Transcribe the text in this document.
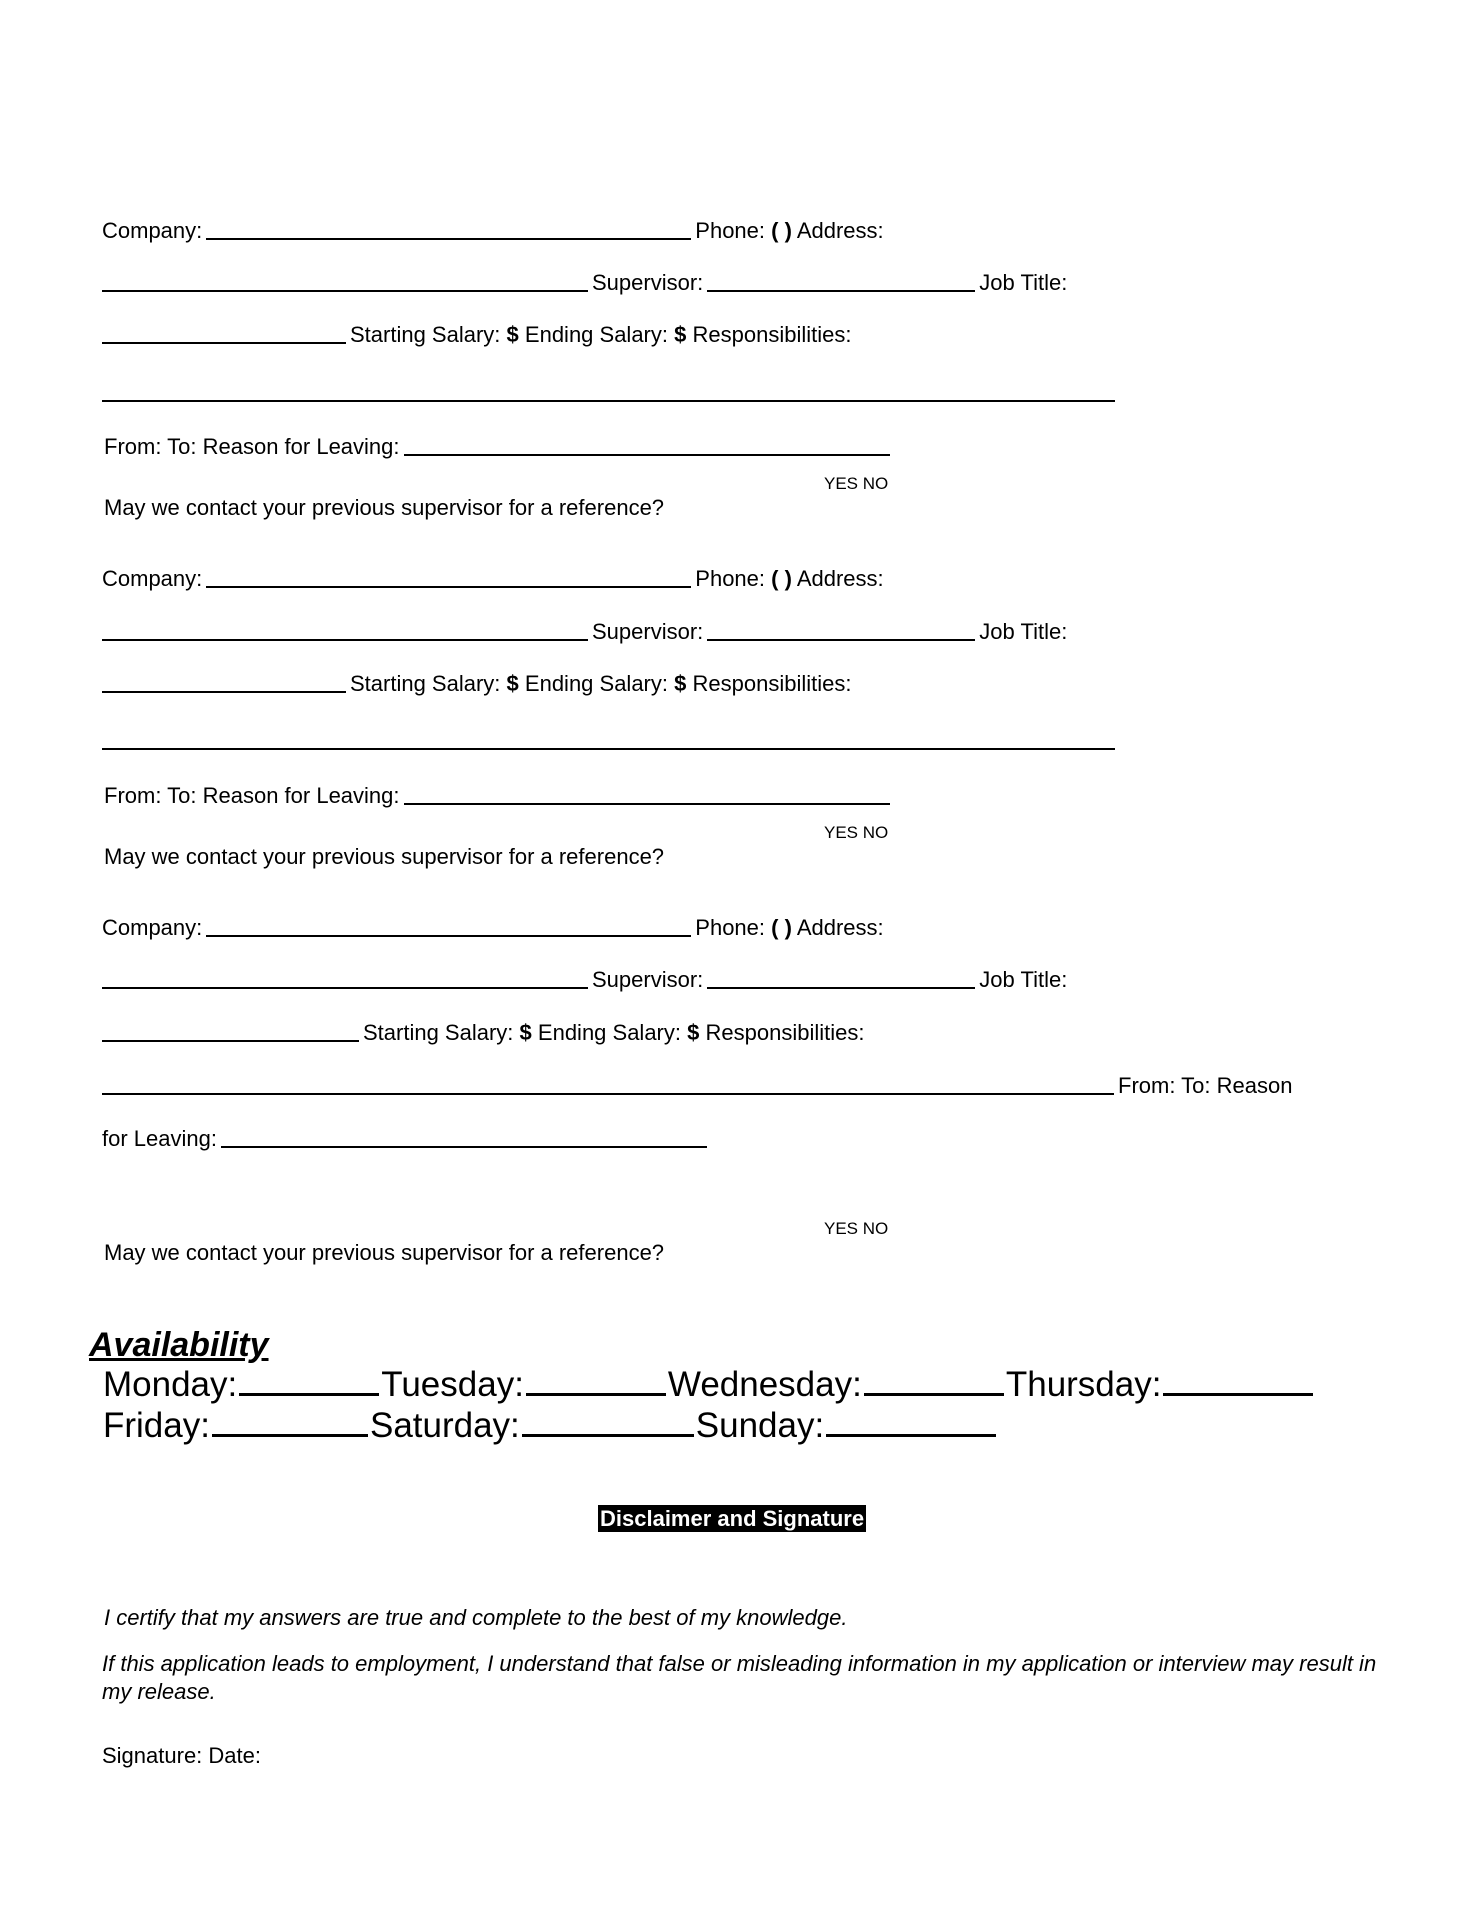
Company:	Phone: ( ) Address:
Supervisor:	Job Title:
Starting Salary: $ Ending Salary: $ Responsibilities:
From: To: Reason for Leaving:
YES NO
May we contact your previous supervisor for a reference?
Company:	Phone: ( ) Address:
Supervisor:	Job Title:
Starting Salary: $ Ending Salary: $ Responsibilities:
From: To: Reason for Leaving:
YES NO
May we contact your previous supervisor for a reference?
Company:	Phone: ( ) Address:
Supervisor:	Job Title:
Starting Salary: $ Ending Salary: $ Responsibilities:
From: To: Reason
for Leaving:
YES NO
May we contact your previous supervisor for a reference?
Availability
Monday:	Tuesday:	Wednesday:	Thursday:
Friday:	Saturday:	Sunday:
Disclaimer and Signature
I certify that my answers are true and complete to the best of my knowledge.
If this application leads to employment, I understand that false or misleading information in my application or interview may result in my release.
Signature: Date:
